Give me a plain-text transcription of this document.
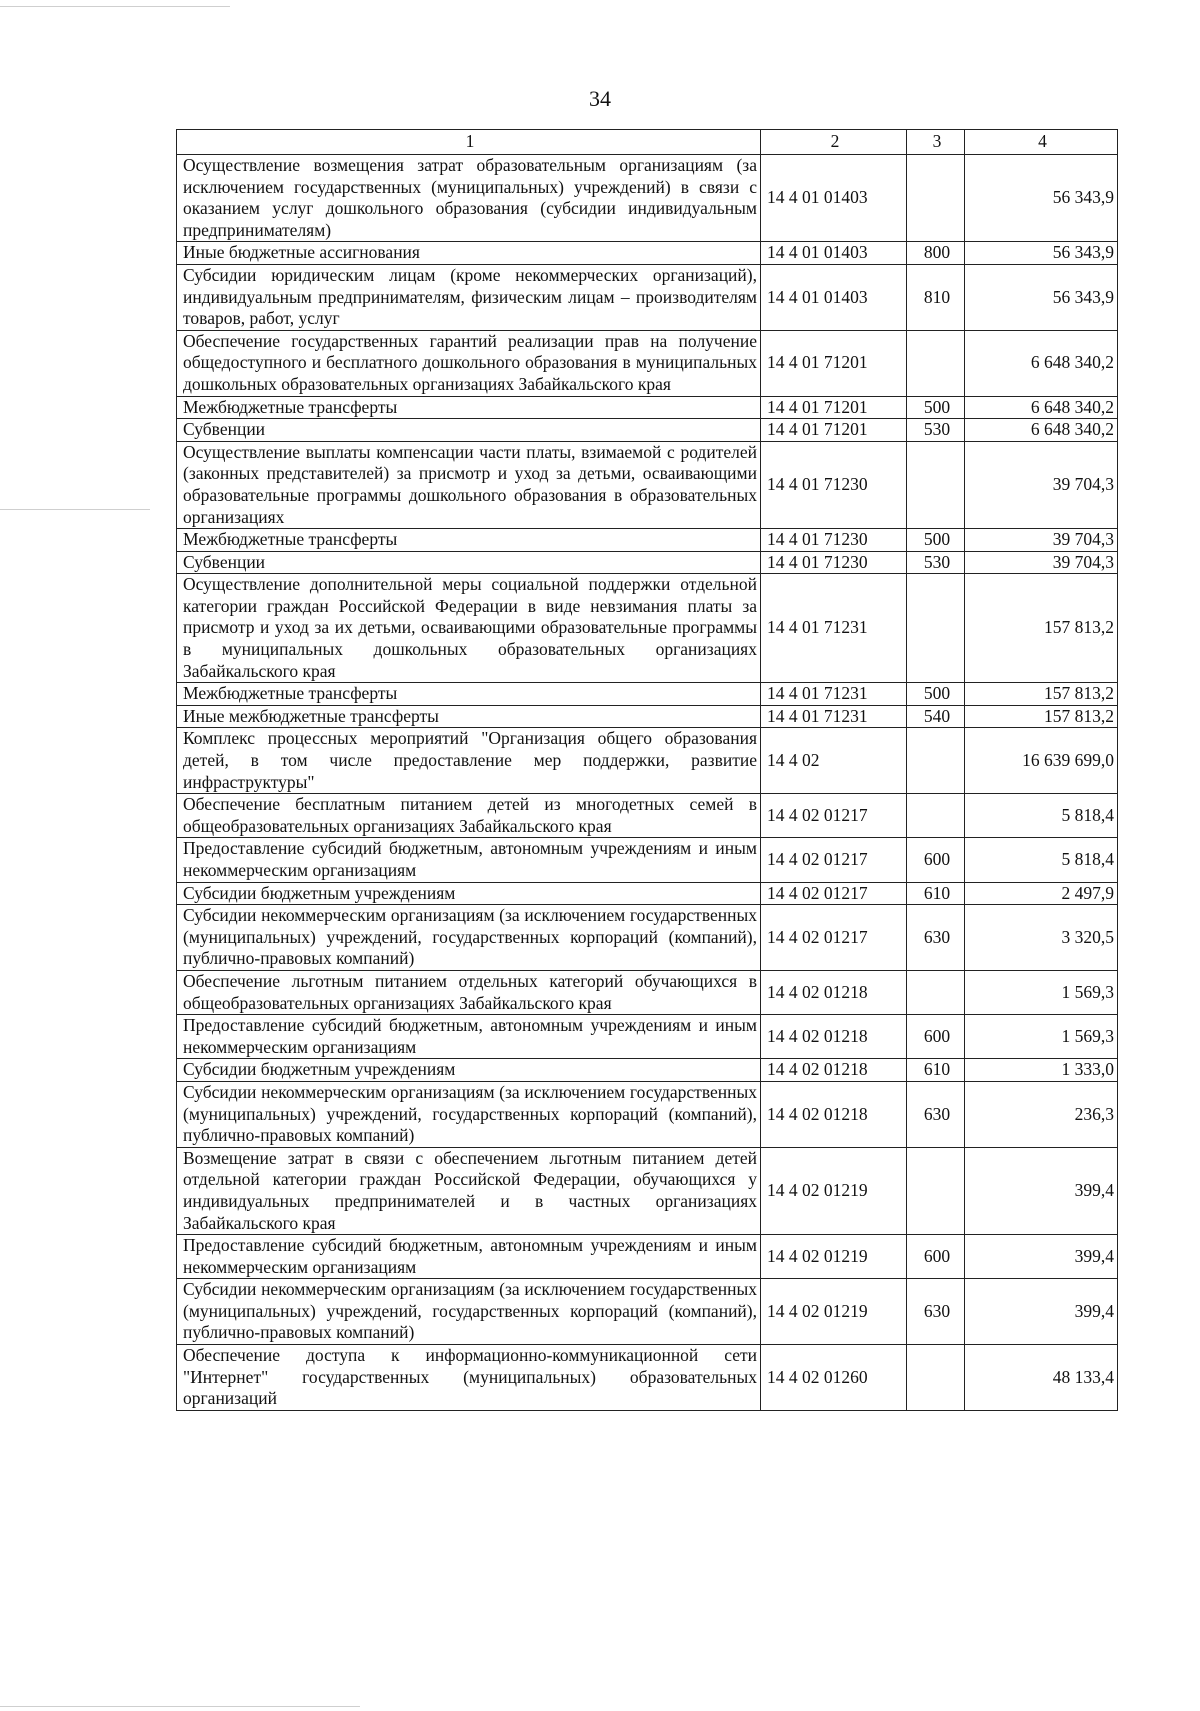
34
1	2	3	4
Осуществление возмещения затрат образовательным организациям (за исключением государственных (муниципальных) учреждений) в связи с оказанием услуг дошкольного образования (субсидии индивидуальным предпринимателям)	14 4 01 01403		56 343,9
Иные бюджетные ассигнования	14 4 01 01403	800	56 343,9
Субсидии юридическим лицам (кроме некоммерческих организаций), индивидуальным предпринимателям, физическим лицам – производителям товаров, работ, услуг	14 4 01 01403	810	56 343,9
Обеспечение государственных гарантий реализации прав на получение общедоступного и бесплатного дошкольного образования в муниципальных дошкольных образовательных организациях Забайкальского края	14 4 01 71201		6 648 340,2
Межбюджетные трансферты	14 4 01 71201	500	6 648 340,2
Субвенции	14 4 01 71201	530	6 648 340,2
Осуществление выплаты компенсации части платы, взимаемой с родителей (законных представителей) за присмотр и уход за детьми, осваивающими образовательные программы дошкольного образования в образовательных организациях	14 4 01 71230		39 704,3
Межбюджетные трансферты	14 4 01 71230	500	39 704,3
Субвенции	14 4 01 71230	530	39 704,3
Осуществление дополнительной меры социальной поддержки отдельной категории граждан Российской Федерации в виде невзимания платы за присмотр и уход за их детьми, осваивающими образовательные программы в муниципальных дошкольных образовательных организациях Забайкальского края	14 4 01 71231		157 813,2
Межбюджетные трансферты	14 4 01 71231	500	157 813,2
Иные межбюджетные трансферты	14 4 01 71231	540	157 813,2
Комплекс процессных мероприятий "Организация общего образования детей, в том числе предоставление мер поддержки, развитие инфраструктуры"	14 4 02		16 639 699,0
Обеспечение бесплатным питанием детей из многодетных семей в общеобразовательных организациях Забайкальского края	14 4 02 01217		5 818,4
Предоставление субсидий бюджетным, автономным учреждениям и иным некоммерческим организациям	14 4 02 01217	600	5 818,4
Субсидии бюджетным учреждениям	14 4 02 01217	610	2 497,9
Субсидии некоммерческим организациям (за исключением государственных (муниципальных) учреждений, государственных корпораций (компаний), публично-правовых компаний)	14 4 02 01217	630	3 320,5
Обеспечение льготным питанием отдельных категорий обучающихся в общеобразовательных организациях Забайкальского края	14 4 02 01218		1 569,3
Предоставление субсидий бюджетным, автономным учреждениям и иным некоммерческим организациям	14 4 02 01218	600	1 569,3
Субсидии бюджетным учреждениям	14 4 02 01218	610	1 333,0
Субсидии некоммерческим организациям (за исключением государственных (муниципальных) учреждений, государственных корпораций (компаний), публично-правовых компаний)	14 4 02 01218	630	236,3
Возмещение затрат в связи с обеспечением льготным питанием детей отдельной категории граждан Российской Федерации, обучающихся у индивидуальных предпринимателей и в частных организациях Забайкальского края	14 4 02 01219		399,4
Предоставление субсидий бюджетным, автономным учреждениям и иным некоммерческим организациям	14 4 02 01219	600	399,4
Субсидии некоммерческим организациям (за исключением государственных (муниципальных) учреждений, государственных корпораций (компаний), публично-правовых компаний)	14 4 02 01219	630	399,4
Обеспечение доступа к информационно-коммуникационной сети "Интернет" государственных (муниципальных) образовательных организаций	14 4 02 01260		48 133,4
